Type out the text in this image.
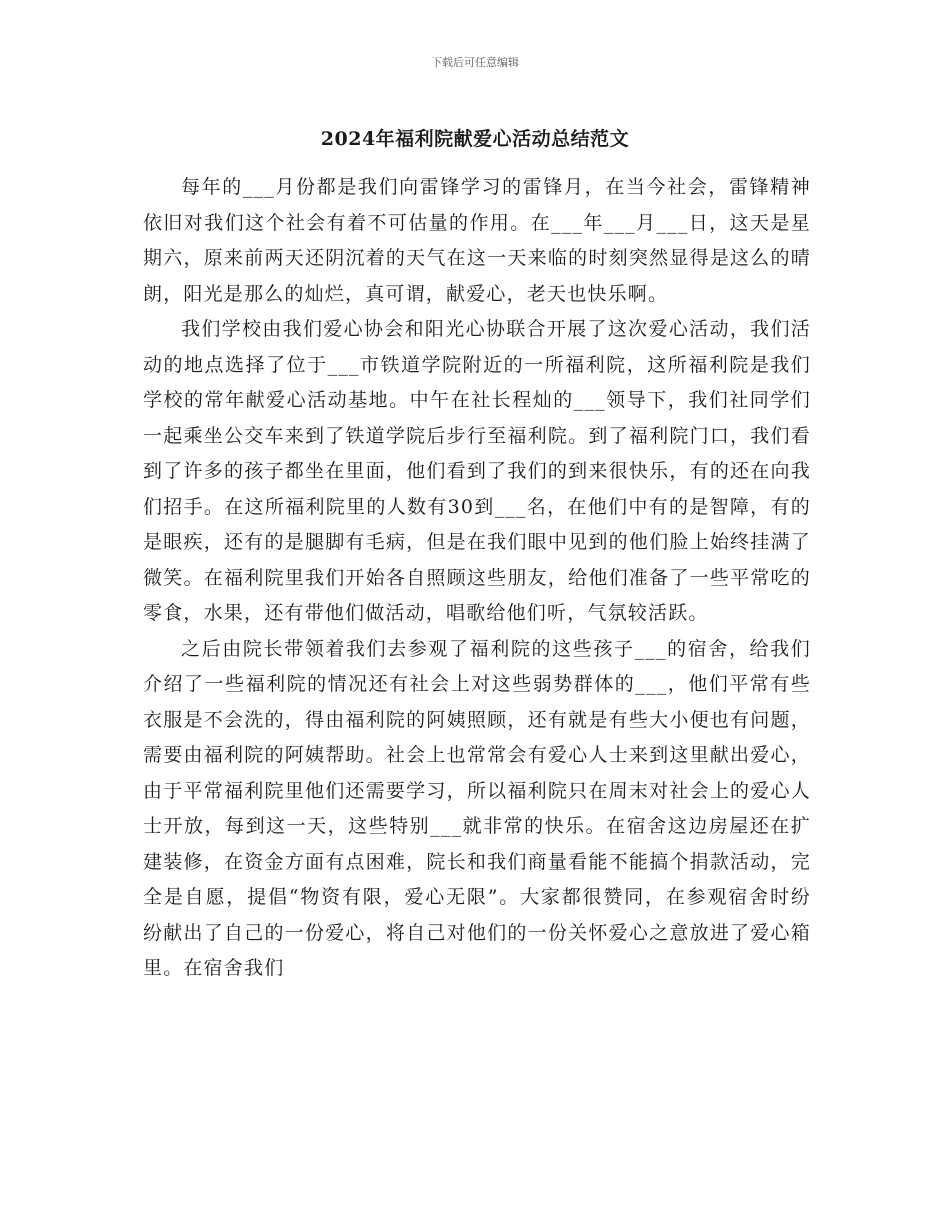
下载后可任意编辑
2024年福利院献爱心活动总结范文

每年的___月份都是我们向雷锋学习的雷锋月，在当今社会，雷锋精神依旧对我们这个社会有着不可估量的作用。在___年___月___日，这天是星期六，原来前两天还阴沉着的天气在这一天来临的时刻突然显得是这么的晴朗，阳光是那么的灿烂，真可谓，献爱心，老天也快乐啊。

我们学校由我们爱心协会和阳光心协联合开展了这次爱心活动，我们活动的地点选择了位于___市铁道学院附近的一所福利院，这所福利院是我们学校的常年献爱心活动基地。中午在社长程灿的___领导下，我们社同学们一起乘坐公交车来到了铁道学院后步行至福利院。到了福利院门口，我们看到了许多的孩子都坐在里面，他们看到了我们的到来很快乐，有的还在向我们招手。在这所福利院里的人数有30到___名，在他们中有的是智障，有的是眼疾，还有的是腿脚有毛病，但是在我们眼中见到的他们脸上始终挂满了微笑。在福利院里我们开始各自照顾这些朋友，给他们准备了一些平常吃的零食，水果，还有带他们做活动，唱歌给他们听，气氛较活跃。

之后由院长带领着我们去参观了福利院的这些孩子___的宿舍，给我们介绍了一些福利院的情况还有社会上对这些弱势群体的___，他们平常有些衣服是不会洗的，得由福利院的阿姨照顾，还有就是有些大小便也有问题，需要由福利院的阿姨帮助。社会上也常常会有爱心人士来到这里献出爱心，由于平常福利院里他们还需要学习，所以福利院只在周末对社会上的爱心人士开放，每到这一天，这些特别___就非常的快乐。在宿舍这边房屋还在扩建装修，在资金方面有点困难，院长和我们商量看能不能搞个捐款活动，完全是自愿，提倡“物资有限，爱心无限”。大家都很赞同，在参观宿舍时纷纷献出了自己的一份爱心，将自己对他们的一份关怀爱心之意放进了爱心箱里。在宿舍我们
